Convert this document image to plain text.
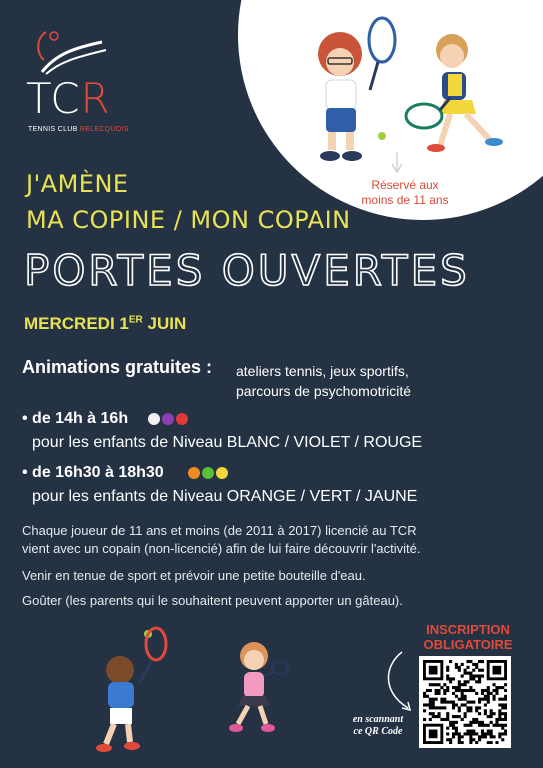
TCR
TENNIS CLUB RELECQUOIS
Réservé aux
moins de 11 ans
J'AMÈNE
MA COPINE / MON COPAIN
PORTES OUVERTES
MERCREDI 1ER JUIN
Animations gratuites : ateliers tennis, jeux sportifs,
parcours de psychomotricité
• de 14h à 16h
pour les enfants de Niveau BLANC / VIOLET / ROUGE
• de 16h30 à 18h30
pour les enfants de Niveau ORANGE / VERT / JAUNE
Chaque joueur de 11 ans et moins (de 2011 à 2017) licencié au TCR
vient avec un copain (non-licencié) afin de lui faire découvrir l'activité.
Venir en tenue de sport et prévoir une petite bouteille d'eau.
Goûter (les parents qui le souhaitent peuvent apporter un gâteau).
INSCRIPTION
OBLIGATOIRE
en scannant
ce QR Code
